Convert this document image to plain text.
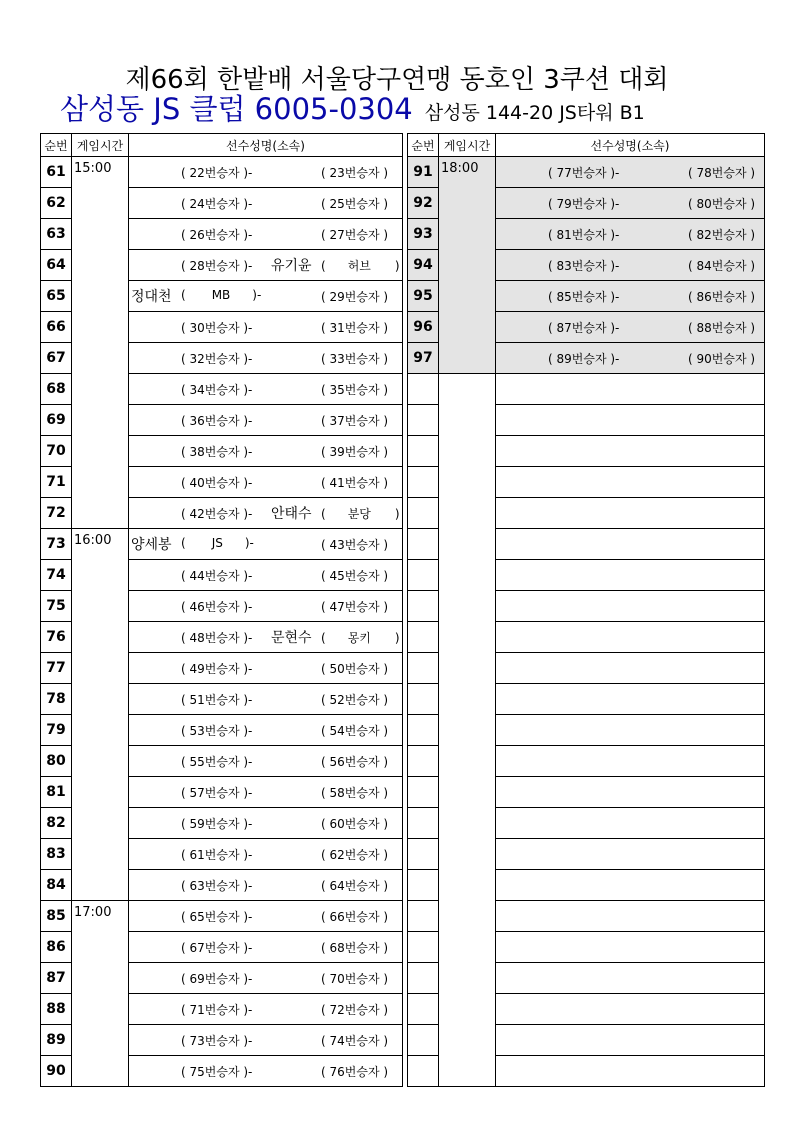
제66회 한밭배 서울당구연맹 동호인 3쿠션 대회
삼성동 JS 클럽 6005-0304 삼성동 144-20 JS타워 B1
순번	게임시간	선수성명(소속)
61	15:00	( 22번승자 )- ( 23번승자 )

62		( 24번승자 )- ( 25번승자 )

63		( 26번승자 )- ( 27번승자 )

64		( 28번승자 )- 유기윤 ( 허브 )

65		정대천 ( MB )- ( 29번승자 )

66		( 30번승자 )- ( 31번승자 )

67		( 32번승자 )- ( 33번승자 )

68		( 34번승자 )- ( 35번승자 )

69		( 36번승자 )- ( 37번승자 )

70		( 38번승자 )- ( 39번승자 )

71		( 40번승자 )- ( 41번승자 )

72		( 42번승자 )- 안태수 ( 분당 )

73	16:00	양세봉 ( JS )- ( 43번승자 )

74		( 44번승자 )- ( 45번승자 )

75		( 46번승자 )- ( 47번승자 )

76		( 48번승자 )- 문현수 ( 몽키 )

77		( 49번승자 )- ( 50번승자 )

78		( 51번승자 )- ( 52번승자 )

79		( 53번승자 )- ( 54번승자 )

80		( 55번승자 )- ( 56번승자 )

81		( 57번승자 )- ( 58번승자 )

82		( 59번승자 )- ( 60번승자 )

83		( 61번승자 )- ( 62번승자 )

84		( 63번승자 )- ( 64번승자 )

85	17:00	( 65번승자 )- ( 66번승자 )

86		( 67번승자 )- ( 68번승자 )

87		( 69번승자 )- ( 70번승자 )

88		( 71번승자 )- ( 72번승자 )

89		( 73번승자 )- ( 74번승자 )

90		( 75번승자 )- ( 76번승자 )
순번	게임시간	선수성명(소속)
91	18:00	( 77번승자 )- ( 78번승자 )

92		( 79번승자 )- ( 80번승자 )

93		( 81번승자 )- ( 82번승자 )

94		( 83번승자 )- ( 84번승자 )

95		( 85번승자 )- ( 86번승자 )

96		( 87번승자 )- ( 88번승자 )

97		( 89번승자 )- ( 90번승자 )
